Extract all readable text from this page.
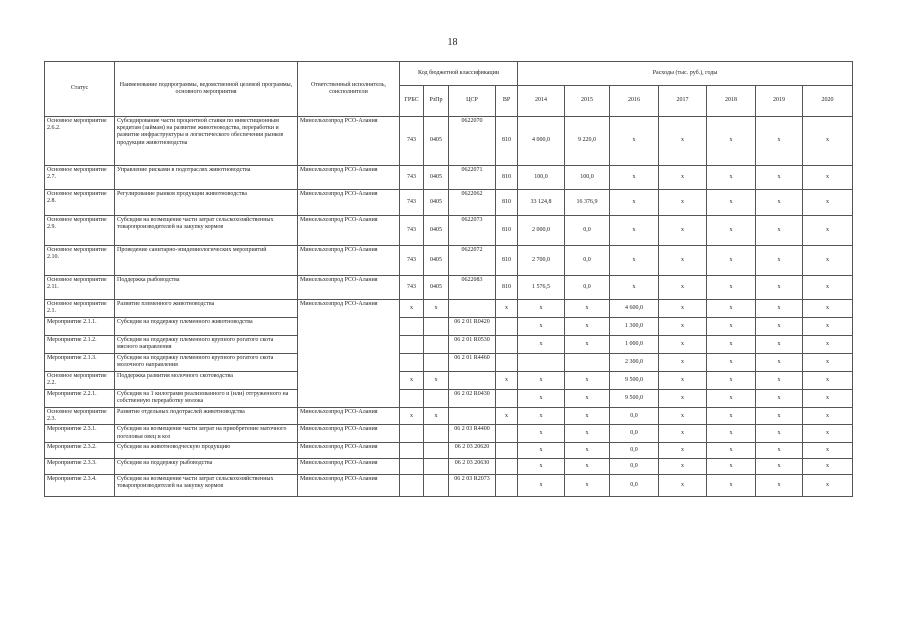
18
Статус	Наименование подпрограммы, ведомственной целевой программы, основного мероприятия	Ответственный исполнитель, соисполнители	Код бюджетной классификации				Расходы (тыс. руб.), годы						
			ГРБС	РзПр	ЦСР	ВР	2014	2015	2016	2017	2018	2019	2020
Основное мероприятие 2.6.2.	Субсидирование части процентной ставки по инвестиционным кредитам (займам) на развитие животноводства, переработки и развитие инфраструктуры и логистического обеспечения рынков продукции животноводства	Минсельхозпрод РСО-Алания	743	0405	0622070	810	4 000,0	9 220,0	x	x	x	x	x
Основное мероприятие 2.7.	Управление рисками в подотраслях животноводства	Минсельхозпрод РСО-Алания	743	0405	0622071	810	100,0	100,0	x	x	x	x	x
Основное мероприятие 2.8.	Регулирование рынков продукции животноводства	Минсельхозпрод РСО-Алания	743	0405	0622062	810	33 124,8	16 376,9	x	x	x	x	x
Основное мероприятие 2.9.	Субсидия на возмещение части затрат сельскохозяйственных товаропроизводителей на закупку кормов	Минсельхозпрод РСО-Алания	743	0405	0622073	810	2 000,0	0,0	x	x	x	x	x
Основное мероприятие 2.10.	Проведение санитарно-эпидемиологических мероприятий	Минсельхозпрод РСО-Алания	743	0405	0622072	810	2 700,0	0,0	x	x	x	x	x
Основное мероприятие 2.11.	Поддержка рыбоводства	Минсельхозпрод РСО-Алания	743	0405	0622083	810	1 576,5	0,0	x	x	x	x	x
Основное мероприятие 2.1.	Развитие племенного животноводства	Минсельхозпрод РСО-Алания	x	x		x	x	x	4 600,0	x	x	x	x
Мероприятие 2.1.1.	Субсидия на поддержку племенного животноводства				06 2 01 R0420		x	x	1 300,0	x	x	x	x
Мероприятие 2.1.2.	Субсидия на поддержку племенного крупного рогатого скота мясного направления				06 2 01 R0530		x	x	1 000,0	x	x	x	x
Мероприятие 2.1.3.	Субсидия на поддержку племенного крупного рогатого скота молочного направления				06 2 01 R4460				2 300,0	x	x	x	x
Основное мероприятие 2.2.	Поддержка развития молочного скотоводства		x	x		x	x	x	9 500,0	x	x	x	x
Мероприятие 2.2.1.	Субсидия на 1 килограмм реализованного и (или) отгруженного на собственную переработку молока				06 2 02 R0430		x	x	9 500,0	x	x	x	x
Основное мероприятие 2.3.	Развитие отдельных подотраслей животноводства	Минсельхозпрод РСО-Алания	x	x		x	x	x	0,0	x	x	x	x
Мероприятие 2.3.1.	Субсидия на возмещение части затрат на приобретение маточного поголовья овец и коз	Минсельхозпрод РСО-Алания			06 2 03 R4400		x	x	0,0	x	x	x	x
Мероприятие 2.3.2.	Субсидия на животноводческую продукцию	Минсельхозпрод РСО-Алания			06 2 03 20620		x	x	0,0	x	x	x	x
Мероприятие 2.3.3.	Субсидия на поддержку рыбоводства	Минсельхозпрод РСО-Алания			06 2 03 20630		x	x	0,0	x	x	x	x
Мероприятие 2.3.4.	Субсидия на возмещение части затрат сельскохозяйственных товаропроизводителей на закупку кормов	Минсельхозпрод РСО-Алания			06 2 03 R2073		x	x	0,0	x	x	x	x
